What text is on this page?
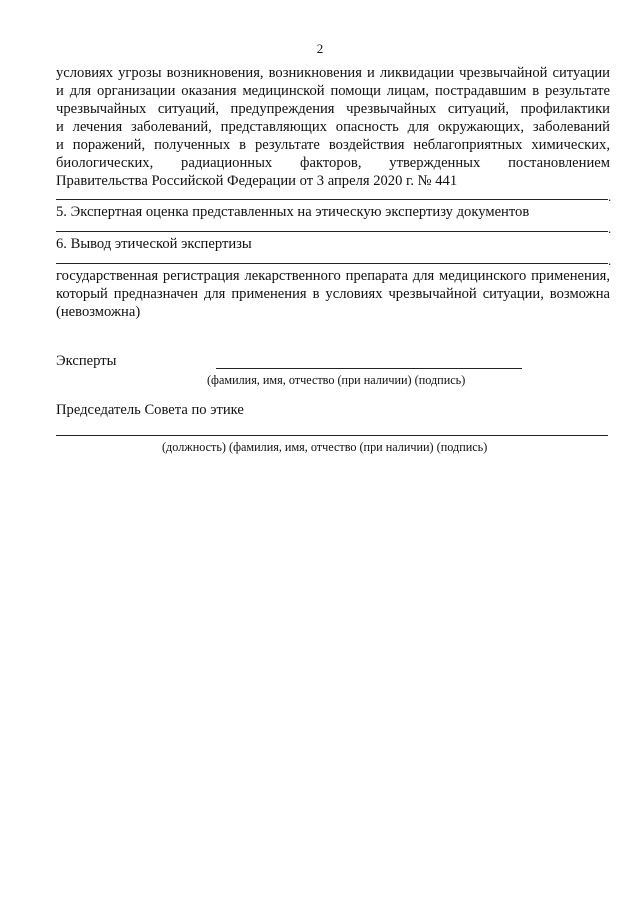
2
условиях угрозы возникновения, возникновения и ликвидации чрезвычайной ситуации
и для организации оказания медицинской помощи лицам, пострадавшим в результате
чрезвычайных ситуаций, предупреждения чрезвычайных ситуаций, профилактики
и лечения заболеваний, представляющих опасность для окружающих, заболеваний
и поражений, полученных в результате воздействия неблагоприятных химических,
биологических, радиационных факторов, утвержденных постановлением
Правительства Российской Федерации от 3 апреля 2020 г. № 441
.
5. Экспертная оценка представленных на этическую экспертизу документов
.
6. Вывод этической экспертизы
.
государственная регистрация лекарственного препарата для медицинского применения,
который предназначен для применения в условиях чрезвычайной ситуации, возможна
(невозможна)
Эксперты
(фамилия, имя, отчество (при наличии) (подпись)
Председатель Совета по этике
(должность) (фамилия, имя, отчество (при наличии) (подпись)
